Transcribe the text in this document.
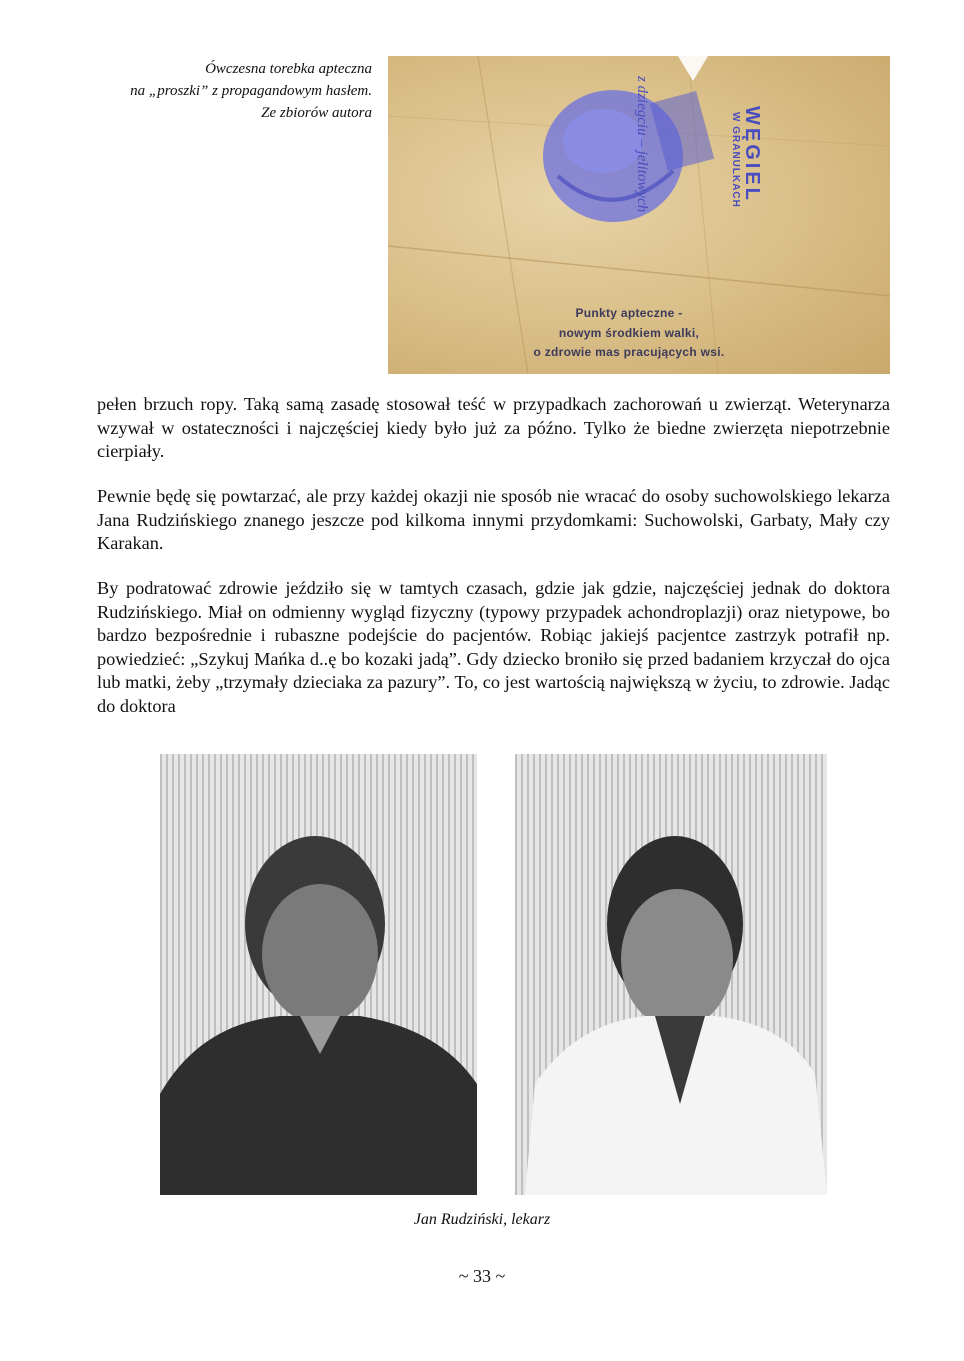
Ówczesna torebka apteczna
na „proszki” z propagandowym hasłem.
Ze zbiorów autora	WĘGIEL
W GRANULKACH
z dziegciu – jelitowych
Punkty apteczne -
nowym środkiem walki,
o zdrowie mas pracujących wsi.

pełen brzuch ropy. Taką samą zasadę stosował teść w przypadkach zachorowań u zwierząt. Weterynarza wzywał w ostateczności i najczęściej kiedy było już za późno. Tylko że biedne zwierzęta niepotrzebnie cierpiały.

Pewnie będę się powtarzać, ale przy każdej okazji nie sposób nie wracać do osoby suchowolskiego lekarza Jana Rudzińskiego znanego jeszcze pod kilkoma innymi przydomkami: Suchowolski, Garbaty, Mały czy Karakan.

By podratować zdrowie jeździło się w tamtych czasach, gdzie jak gdzie, najczęściej jednak do doktora Rudzińskiego. Miał on odmienny wygląd fizyczny (typowy przypadek achondroplazji) oraz nietypowe, bo bardzo bezpośrednie i rubaszne podejście do pacjentów. Robiąc jakiejś pacjentce zastrzyk potrafił np. powiedzieć: „Szykuj Mańka d..ę bo kozaki jadą”. Gdy dziecko broniło się przed badaniem krzyczał do ojca lub matki, żeby „trzymały dzieciaka za pazury”. To, co jest wartością największą w życiu, to zdrowie. Jadąc do doktora

Jan Rudziński, lekarz
~ 33 ~
